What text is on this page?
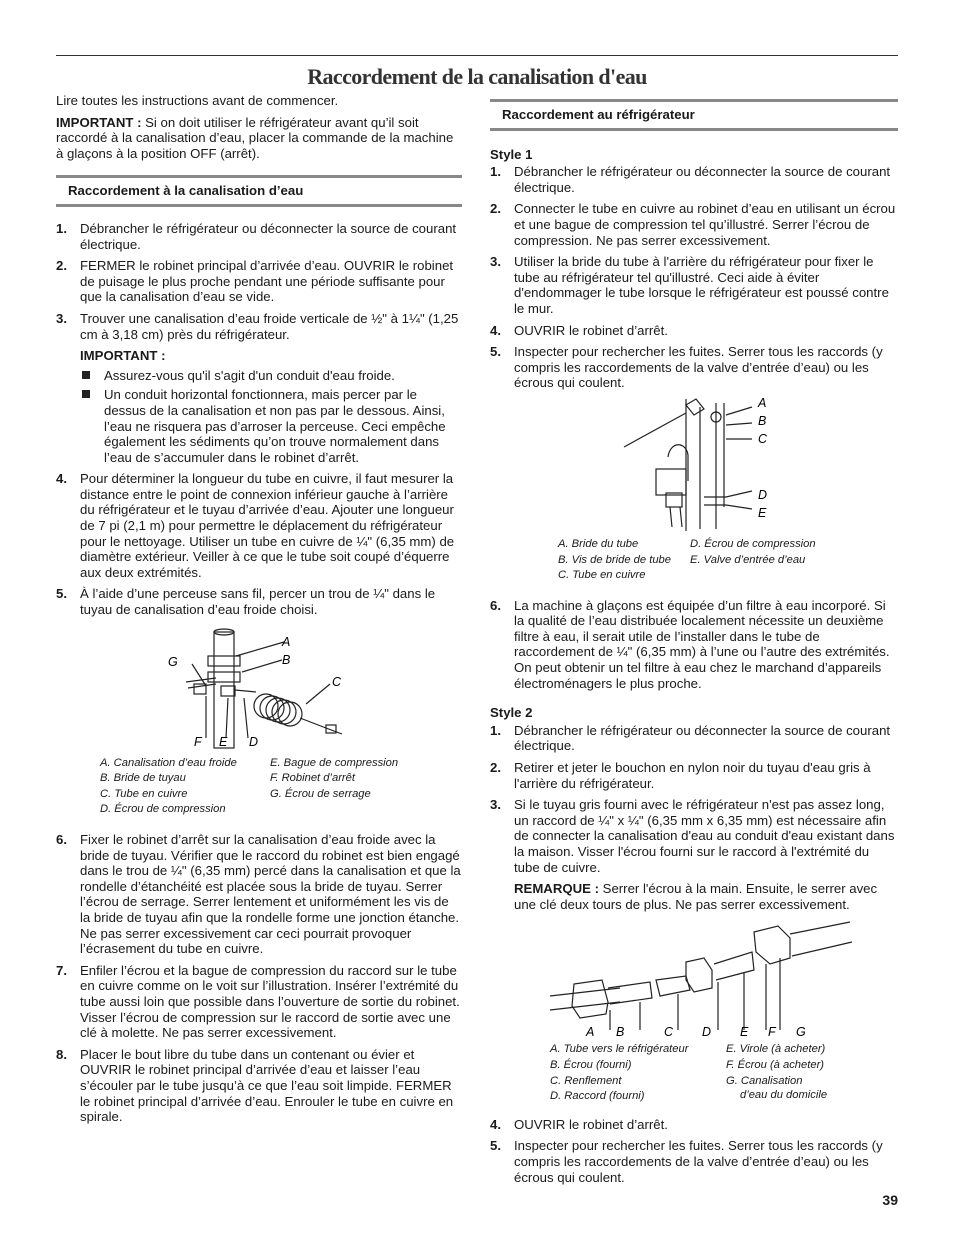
Raccordement de la canalisation d'eau

Lire toutes les instructions avant de commencer.

IMPORTANT : Si on doit utiliser le réfrigérateur avant qu’il soit raccordé à la canalisation d’eau, placer la commande de la machine à glaçons à la position OFF (arrêt).

Raccordement à la canalisation d’eau
1. Débrancher le réfrigérateur ou déconnecter la source de courant électrique.
2. FERMER le robinet principal d’arrivée d’eau. OUVRIR le robinet de puisage le plus proche pendant une période suffisante pour que la canalisation d’eau se vide.
3. Trouver une canalisation d’eau froide verticale de ½" à 1¼" (1,25 cm à 3,18 cm) près du réfrigérateur.
IMPORTANT :
Assurez-vous qu'il s'agit d'un conduit d'eau froide.
Un conduit horizontal fonctionnera, mais percer par le dessus de la canalisation et non pas par le dessous. Ainsi, l’eau ne risquera pas d’arroser la perceuse. Ceci empêche également les sédiments qu’on trouve normalement dans l’eau de s’accumuler dans le robinet d’arrêt.
4. Pour déterminer la longueur du tube en cuivre, il faut mesurer la distance entre le point de connexion inférieur gauche à l’arrière du réfrigérateur et le tuyau d’arrivée d’eau. Ajouter une longueur de 7 pi (2,1 m) pour permettre le déplacement du réfrigérateur pour le nettoyage. Utiliser un tube en cuivre de ¼" (6,35 mm) de diamètre extérieur. Veiller à ce que le tube soit coupé d’équerre aux deux extrémités.
5. À l’aide d’une perceuse sans fil, percer un trou de ¼" dans le tuyau de canalisation d’eau froide choisi.
A
B
C
G
F E D
A. Canalisation d’eau froide
B. Bride de tuyau
C. Tube en cuivre
D. Écrou de compression
E. Bague de compression
F. Robinet d’arrêt
G. Écrou de serrage
6. Fixer le robinet d’arrêt sur la canalisation d’eau froide avec la bride de tuyau. Vérifier que le raccord du robinet est bien engagé dans le trou de ¼" (6,35 mm) percé dans la canalisation et que la rondelle d’étanchéité est placée sous la bride de tuyau. Serrer l’écrou de serrage. Serrer lentement et uniformément les vis de la bride de tuyau afin que la rondelle forme une jonction étanche. Ne pas serrer excessivement car ceci pourrait provoquer l’écrasement du tube en cuivre.
7. Enfiler l’écrou et la bague de compression du raccord sur le tube en cuivre comme on le voit sur l’illustration. Insérer l’extrémité du tube aussi loin que possible dans l’ouverture de sortie du robinet. Visser l’écrou de compression sur le raccord de sortie avec une clé à molette. Ne pas serrer excessivement.
8. Placer le bout libre du tube dans un contenant ou évier et OUVRIR le robinet principal d’arrivée d’eau et laisser l’eau s’écouler par le tube jusqu’à ce que l’eau soit limpide. FERMER le robinet principal d’arrivée d’eau. Enrouler le tube en cuivre en spirale.
Raccordement au réfrigérateur
Style 1
1. Débrancher le réfrigérateur ou déconnecter la source de courant électrique.
2. Connecter le tube en cuivre au robinet d’eau en utilisant un écrou et une bague de compression tel qu’illustré. Serrer l’écrou de compression. Ne pas serrer excessivement.
3. Utiliser la bride du tube à l'arrière du réfrigérateur pour fixer le tube au réfrigérateur tel qu'illustré. Ceci aide à éviter d'endommager le tube lorsque le réfrigérateur est poussé contre le mur.
4. OUVRIR le robinet d’arrêt.
5. Inspecter pour rechercher les fuites. Serrer tous les raccords (y compris les raccordements de la valve d’entrée d’eau) ou les écrous qui coulent.
A
B
C
D
E
A. Bride du tube
B. Vis de bride de tube
C. Tube en cuivre
D. Écrou de compression
E. Valve d’entrée d’eau
6. La machine à glaçons est équipée d’un filtre à eau incorporé. Si la qualité de l’eau distribuée localement nécessite un deuxième filtre à eau, il serait utile de l’installer dans le tube de raccordement de ¼" (6,35 mm) à l’une ou l’autre des extrémités. On peut obtenir un tel filtre à eau chez le marchand d’appareils électroménagers le plus proche.
Style 2
1. Débrancher le réfrigérateur ou déconnecter la source de courant électrique.
2. Retirer et jeter le bouchon en nylon noir du tuyau d'eau gris à l'arrière du réfrigérateur.
3. Si le tuyau gris fourni avec le réfrigérateur n'est pas assez long, un raccord de ¼" x ¼" (6,35 mm x 6,35 mm) est nécessaire afin de connecter la canalisation d'eau au conduit d'eau existant dans la maison. Visser l'écrou fourni sur le raccord à l'extrémité du tube de cuivre.

REMARQUE : Serrer l'écrou à la main. Ensuite, le serrer avec une clé deux tours de plus. Ne pas serrer excessivement.

A B	C D E F G
A. Tube vers le réfrigérateur
B. Écrou (fourni)
C. Renflement
D. Raccord (fourni)
E. Virole (à acheter)
F. Écrou (à acheter)
G. Canalisation
d’eau du domicile
4. OUVRIR le robinet d’arrêt.
5. Inspecter pour rechercher les fuites. Serrer tous les raccords (y compris les raccordements de la valve d’entrée d’eau) ou les écrous qui coulent.
39
